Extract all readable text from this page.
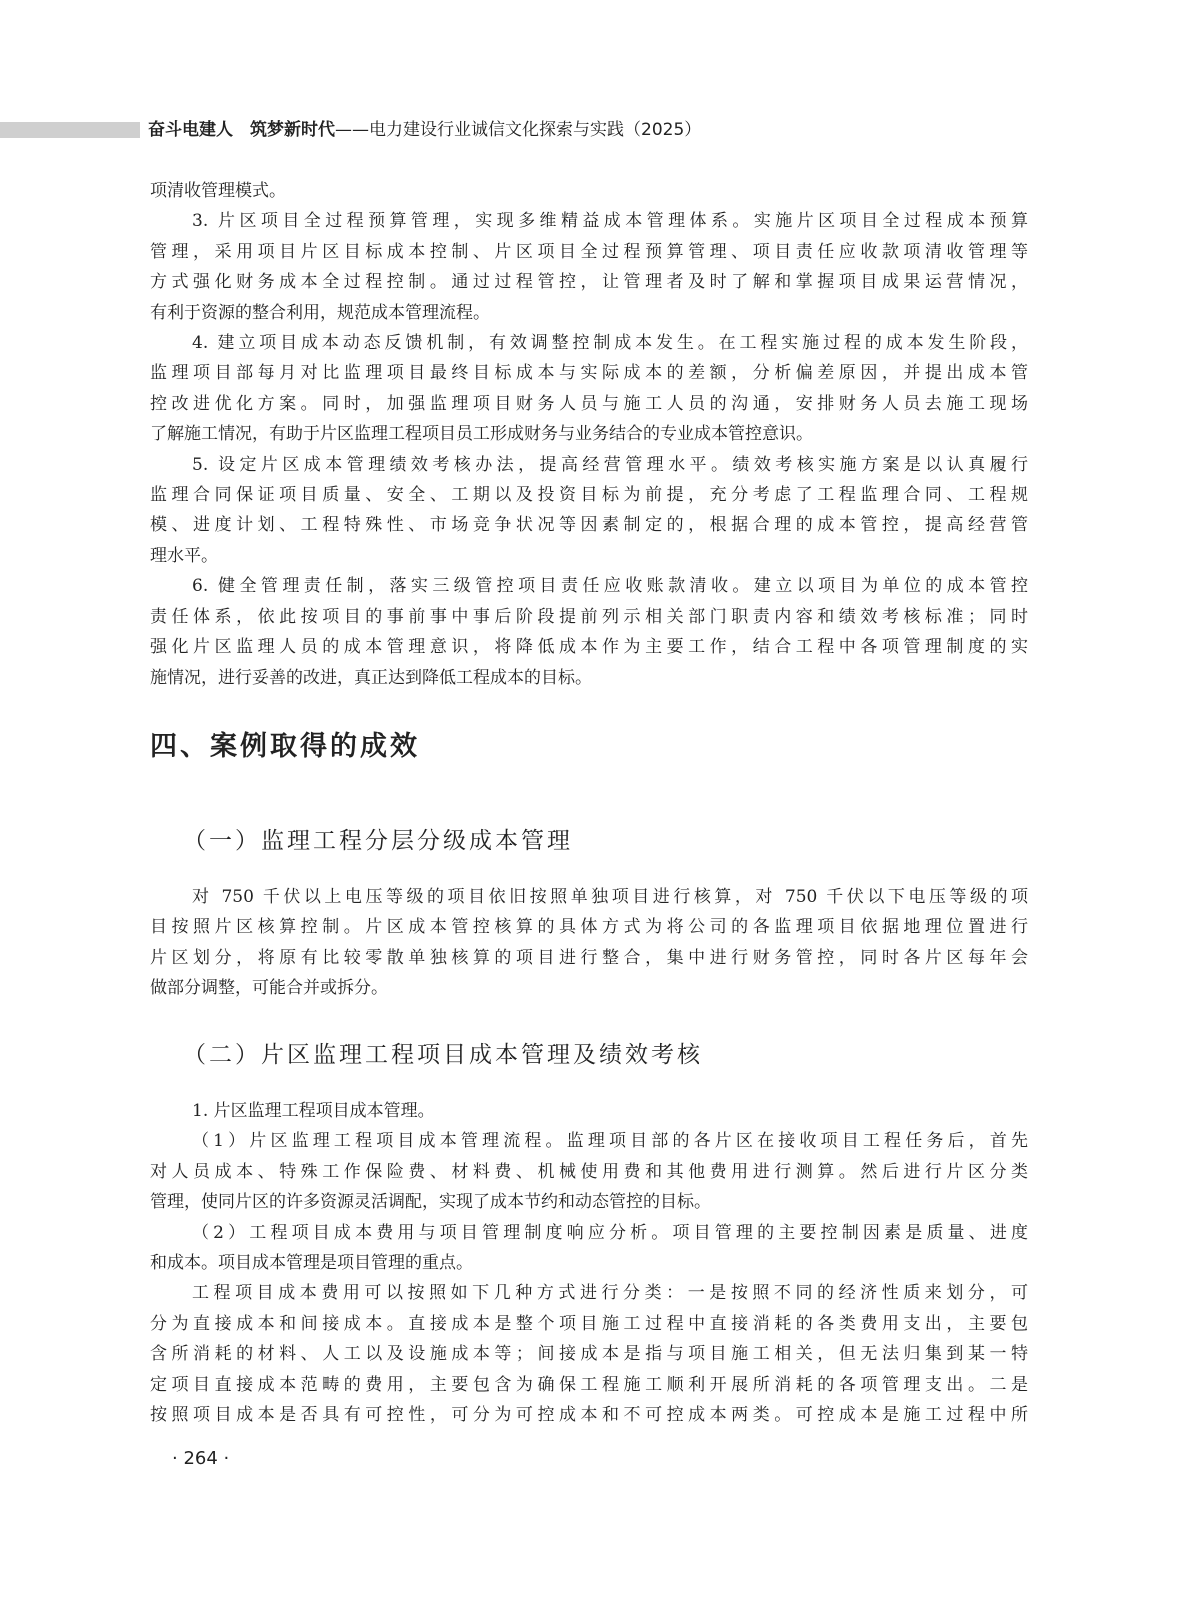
奋斗电建人　筑梦新时代——电力建设行业诚信文化探索与实践（2025）

项清收管理模式。

3. 片区项目全过程预算管理，实现多维精益成本管理体系。实施片区项目全过程成本预算

管理，采用项目片区目标成本控制、片区项目全过程预算管理、项目责任应收款项清收管理等

方式强化财务成本全过程控制。通过过程管控，让管理者及时了解和掌握项目成果运营情况，

有利于资源的整合利用，规范成本管理流程。

4. 建立项目成本动态反馈机制，有效调整控制成本发生。在工程实施过程的成本发生阶段，

监理项目部每月对比监理项目最终目标成本与实际成本的差额，分析偏差原因，并提出成本管

控改进优化方案。同时，加强监理项目财务人员与施工人员的沟通，安排财务人员去施工现场

了解施工情况，有助于片区监理工程项目员工形成财务与业务结合的专业成本管控意识。

5. 设定片区成本管理绩效考核办法，提高经营管理水平。绩效考核实施方案是以认真履行

监理合同保证项目质量、安全、工期以及投资目标为前提，充分考虑了工程监理合同、工程规

模、进度计划、工程特殊性、市场竞争状况等因素制定的，根据合理的成本管控，提高经营管

理水平。

6. 健全管理责任制，落实三级管控项目责任应收账款清收。建立以项目为单位的成本管控

责任体系，依此按项目的事前事中事后阶段提前列示相关部门职责内容和绩效考核标准；同时

强化片区监理人员的成本管理意识，将降低成本作为主要工作，结合工程中各项管理制度的实

施情况，进行妥善的改进，真正达到降低工程成本的目标。

四、案例取得的成效
（一）监理工程分层分级成本管理

对 750 千伏以上电压等级的项目依旧按照单独项目进行核算，对 750 千伏以下电压等级的项

目按照片区核算控制。片区成本管控核算的具体方式为将公司的各监理项目依据地理位置进行

片区划分，将原有比较零散单独核算的项目进行整合，集中进行财务管控，同时各片区每年会

做部分调整，可能合并或拆分。

（二）片区监理工程项目成本管理及绩效考核

1. 片区监理工程项目成本管理。

（1）片区监理工程项目成本管理流程。监理项目部的各片区在接收项目工程任务后，首先

对人员成本、特殊工作保险费、材料费、机械使用费和其他费用进行测算。然后进行片区分类

管理，使同片区的许多资源灵活调配，实现了成本节约和动态管控的目标。

（2）工程项目成本费用与项目管理制度响应分析。项目管理的主要控制因素是质量、进度

和成本。项目成本管理是项目管理的重点。

工程项目成本费用可以按照如下几种方式进行分类：一是按照不同的经济性质来划分，可

分为直接成本和间接成本。直接成本是整个项目施工过程中直接消耗的各类费用支出，主要包

含所消耗的材料、人工以及设施成本等；间接成本是指与项目施工相关，但无法归集到某一特

定项目直接成本范畴的费用，主要包含为确保工程施工顺利开展所消耗的各项管理支出。二是

按照项目成本是否具有可控性，可分为可控成本和不可控成本两类。可控成本是施工过程中所

· 264 ·
